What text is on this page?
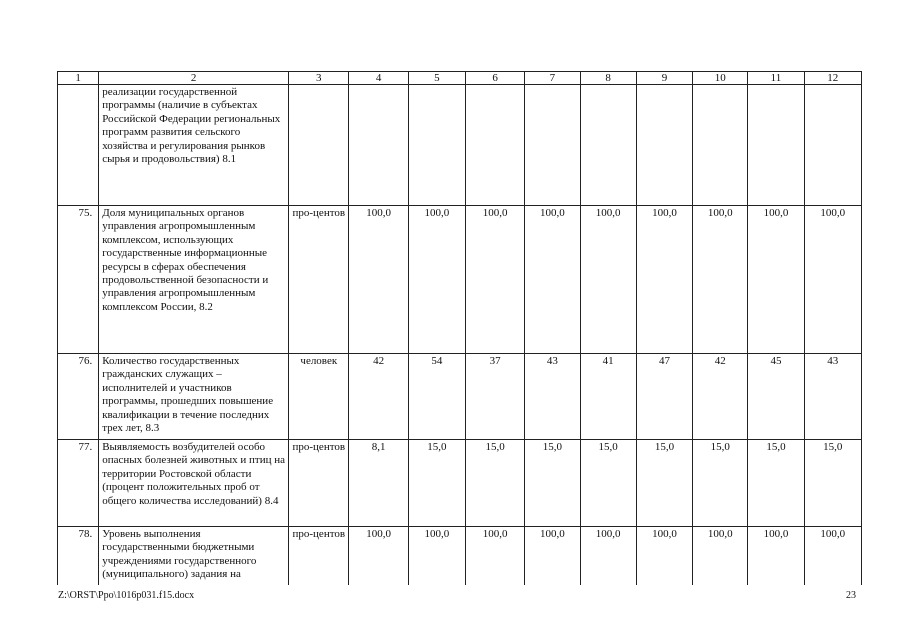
1	2	3	4	5	6	7	8	9	10	11	12
	реализации государственной программы (наличие в субъектах Российской Федерации региональных программ развития сельского хозяйства и регулирования рынков сырья и продовольствия) 8.1										
75.	Доля муниципальных органов управления агропромышленным комплексом, использующих государственные информационные ресурсы в сферах обеспечения продовольственной безопасности и управления агропромышленным комплексом России, 8.2	про-центов	100,0	100,0	100,0	100,0	100,0	100,0	100,0	100,0	100,0
76.	Количество государственных гражданских служащих – исполнителей и участников программы, прошедших повышение квалификации в течение последних трех лет, 8.3	человек	42	54	37	43	41	47	42	45	43
77.	Выявляемость возбудителей особо опасных болезней животных и птиц на территории Ростовской области (процент положительных проб от общего количества исследований) 8.4	про-центов	8,1	15,0	15,0	15,0	15,0	15,0	15,0	15,0	15,0
78.	Уровень выполнения государственными бюджетными учреждениями государственного (муниципального) задания на	про-центов	100,0	100,0	100,0	100,0	100,0	100,0	100,0	100,0	100,0
Z:\ORST\Ppo\1016p031.f15.docx	23
